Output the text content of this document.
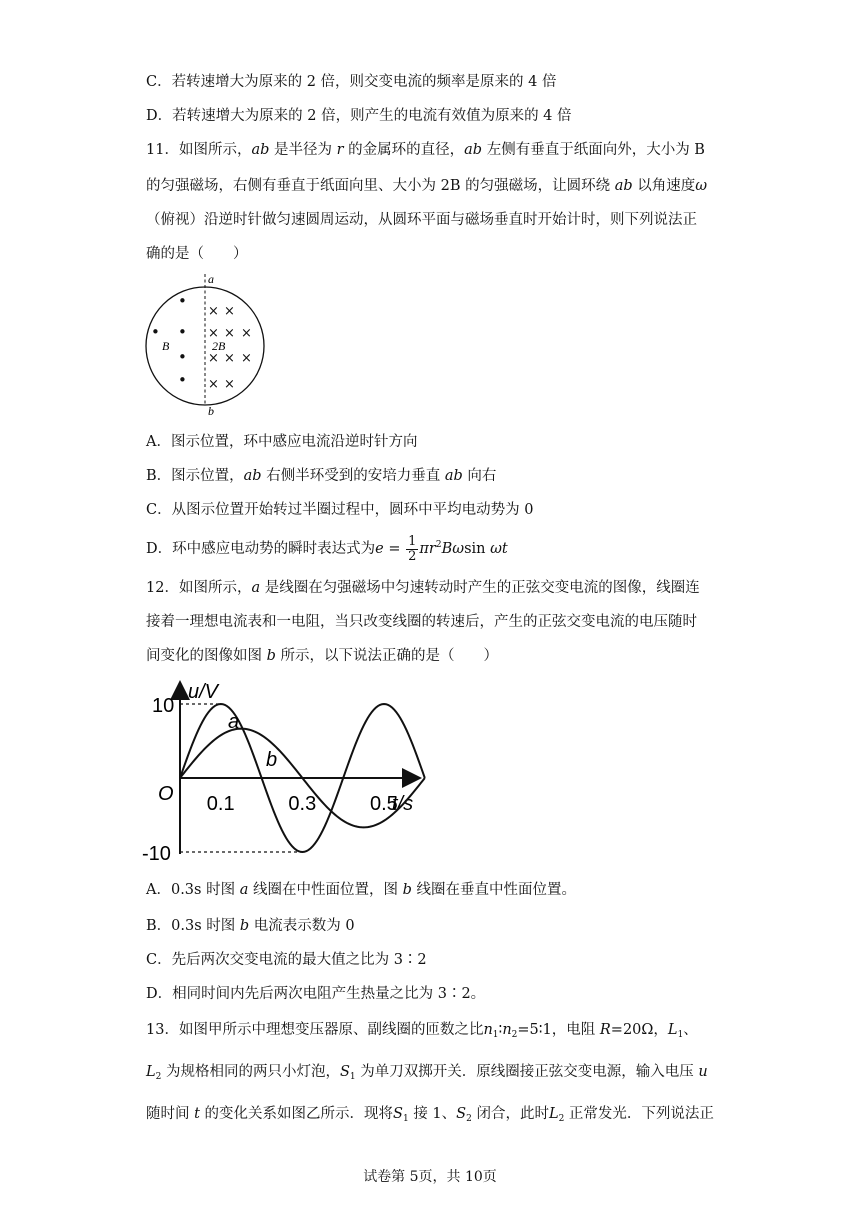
C．若转速增大为原来的 2 倍，则交变电流的频率是原来的 4 倍
D．若转速增大为原来的 2 倍，则产生的电流有效值为原来的 4 倍
11．如图所示，ab 是半径为 r 的金属环的直径，ab 左侧有垂直于纸面向外，大小为 B
的匀强磁场，右侧有垂直于纸面向里、大小为 2B 的匀强磁场，让圆环绕 ab 以角速度ω
（俯视）沿逆时针做匀速圆周运动，从圆环平面与磁场垂直时开始计时，则下列说法正
确的是（　　）
a
b
•
• •
•
•
B	2B
× ×
× × ×
× × ×
× ×
A．图示位置，环中感应电流沿逆时针方向
B．图示位置，ab 右侧半环受到的安培力垂直 ab 向右
C．从图示位置开始转过半圈过程中，圆环中平均电动势为 0
D．环中感应电动势的瞬时表达式为$e = \frac{1}{2} \pi r^2B\omega\sin$ ωt
12．如图所示，a 是线圈在匀强磁场中匀速转动时产生的正弦交变电流的图像，线圈连
接着一理想电流表和一电阻，当只改变线圈的转速后，产生的正弦交变电流的电压随时
间变化的图像如图 b 所示，以下说法正确的是（　　）
u/V
t/s
O 0.1	0.3	0.5
10
-10
a
b
A．0.3s 时图 a 线圈在中性面位置，图 b 线圈在垂直中性面位置。
B．0.3s 时图 b 电流表示数为 0
C．先后两次交变电流的最大值之比为 3∶2
D．相同时间内先后两次电阻产生热量之比为 3∶2。
13．如图甲所示中理想变压器原、副线圈的匝数之比$n_1∶n_2=5∶1$，电阻 R=20Ω，$L_1$、
$L_2$ 为规格相同的两只小灯泡，$S_1$ 为单刀双掷开关．原线圈接正弦交变电源，输入电压 u
随时间 t 的变化关系如图乙所示．现将$S_1$ 接 1、$S_2$ 闭合，此时$L_2$ 正常发光．下列说法正
试卷第 5页，共 10页
